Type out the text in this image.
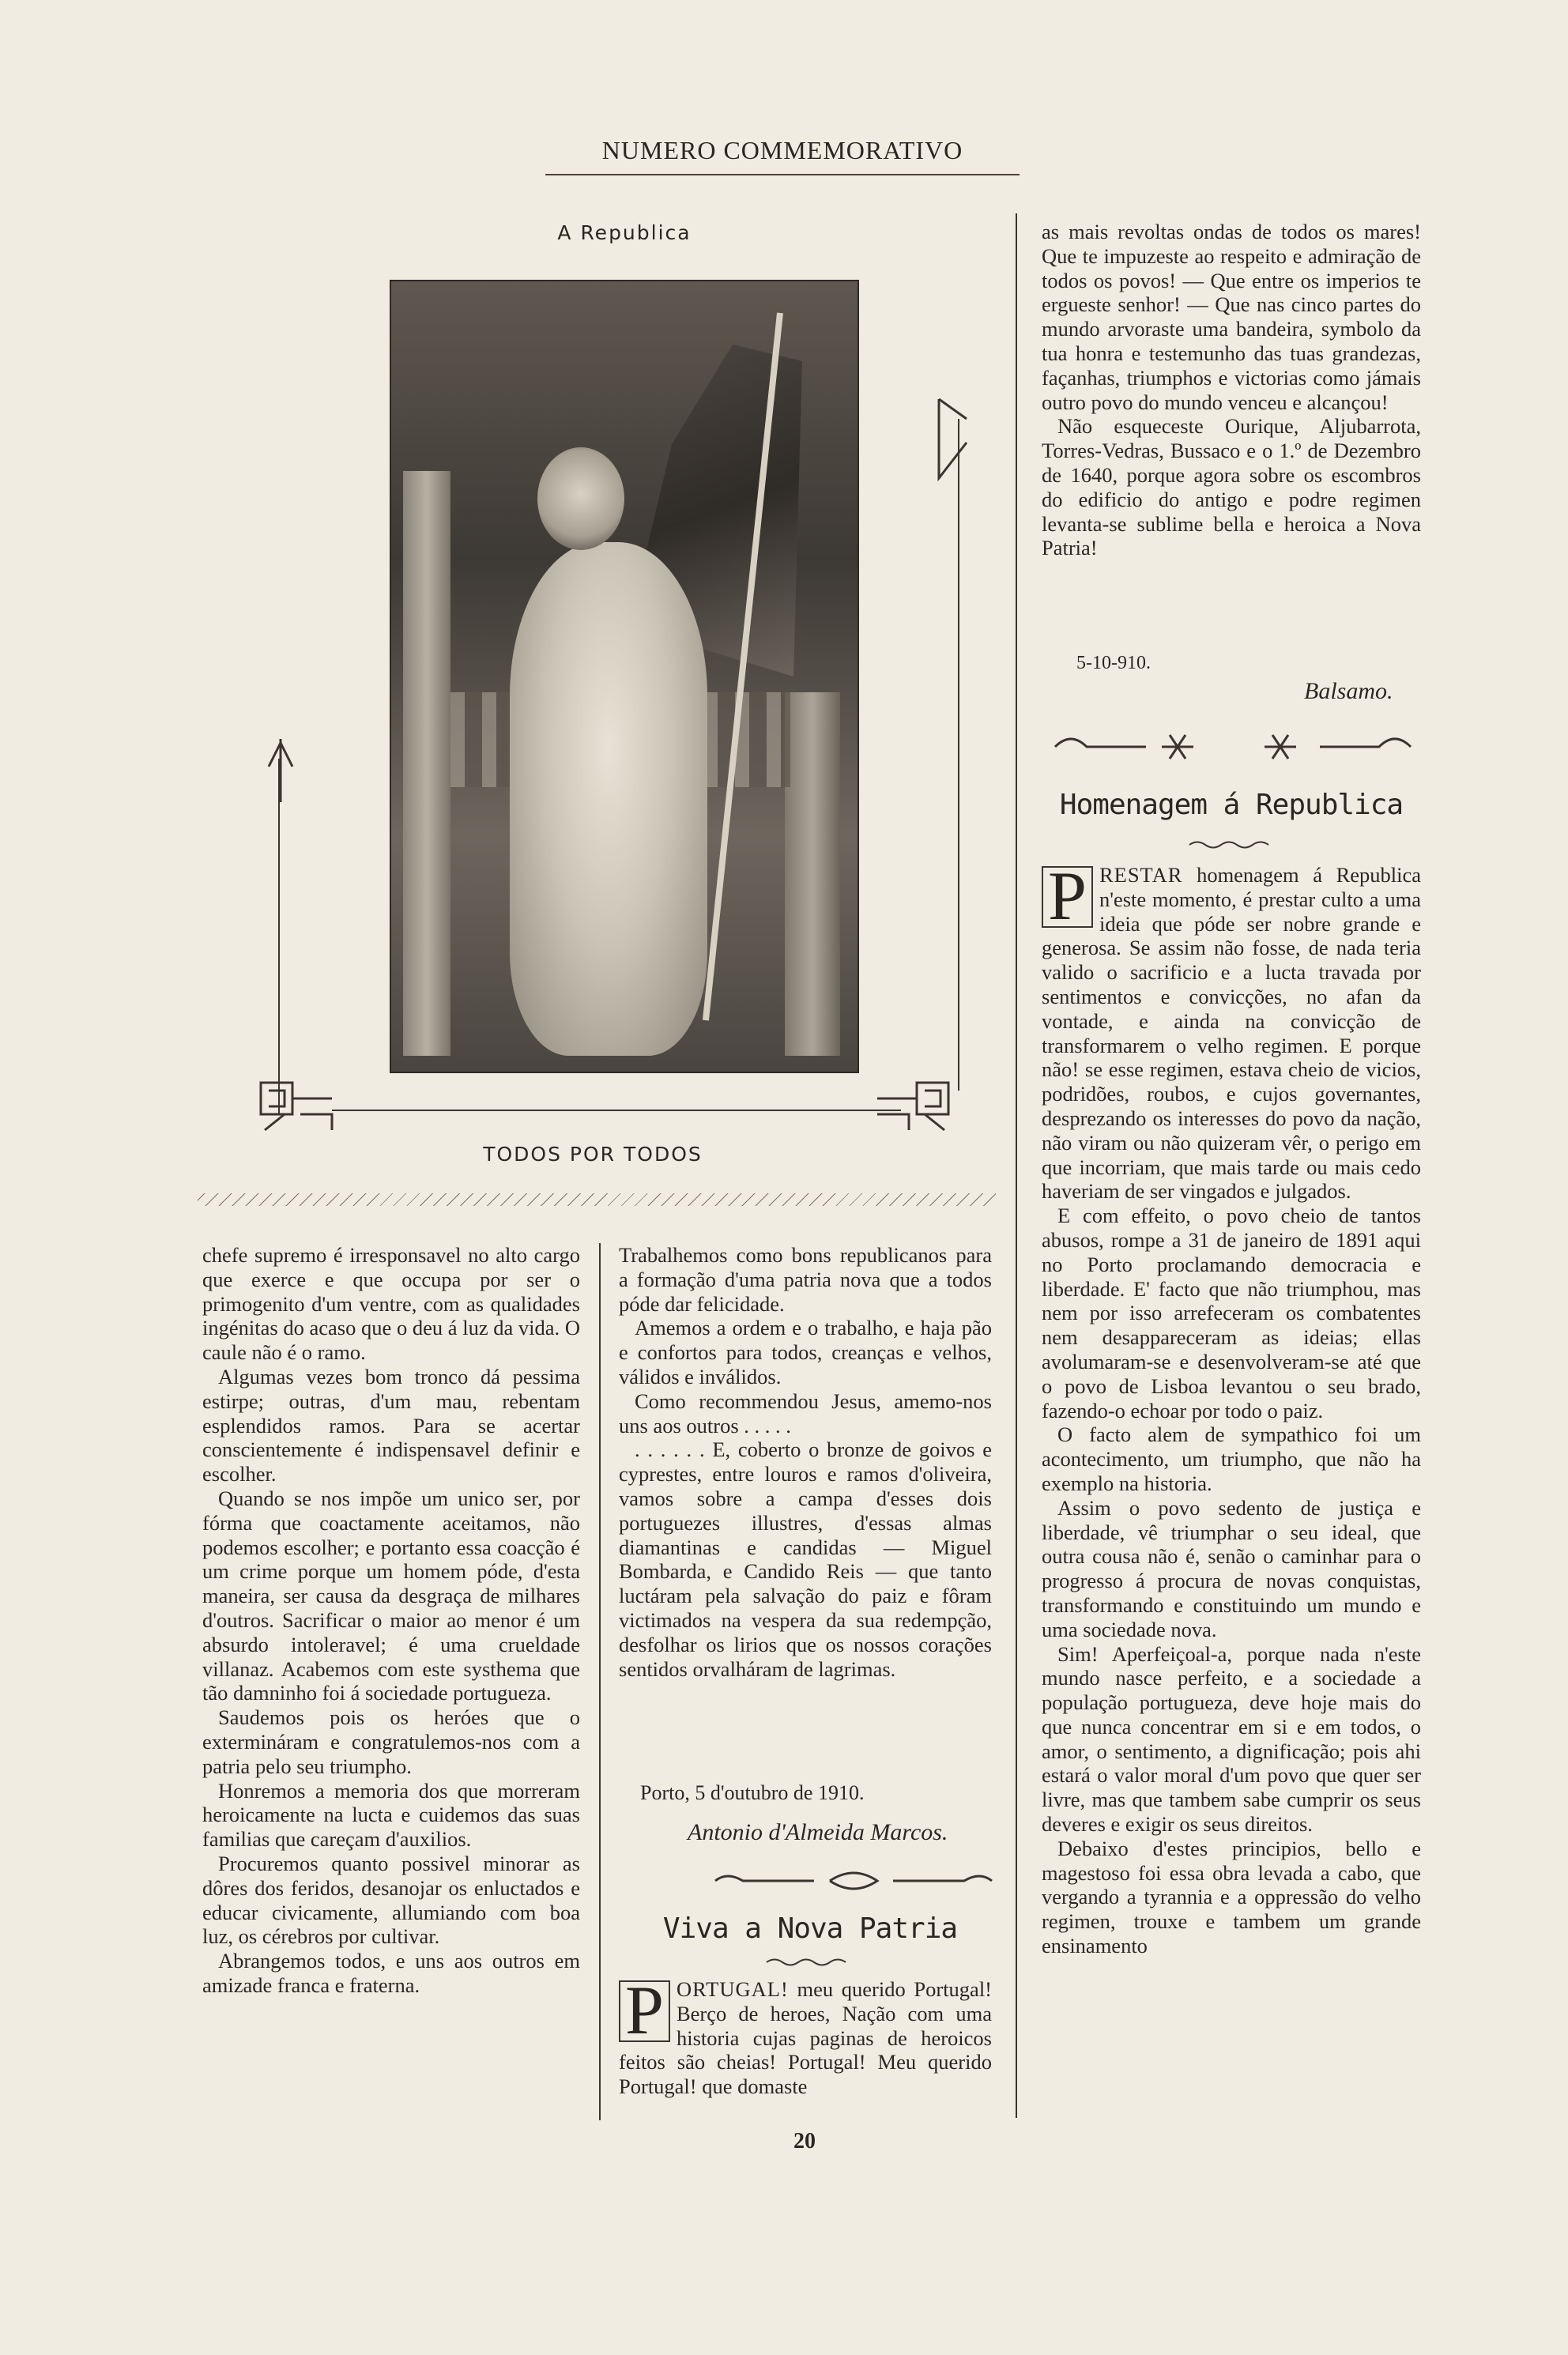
NUMERO COMMEMORATIVO
A Republica
TODOS POR TODOS

chefe supremo é irresponsavel no alto cargo que exerce e que occupa por ser o primogenito d'um ventre, com as qualidades ingénitas do acaso que o deu á luz da vida. O caule não é o ramo.

Algumas vezes bom tronco dá pessima estirpe; outras, d'um mau, rebentam esplendidos ramos. Para se acertar conscientemente é indispensavel definir e escolher.

Quando se nos impõe um unico ser, por fórma que coactamente aceitamos, não podemos escolher; e portanto essa coacção é um crime porque um homem póde, d'esta maneira, ser causa da desgraça de milhares d'outros. Sacrificar o maior ao menor é um absurdo intoleravel; é uma crueldade villanaz. Acabemos com este systhema que tão damninho foi á sociedade portugueza.

Saudemos pois os heróes que o extermináram e congratulemos-nos com a patria pelo seu triumpho.

Honremos a memoria dos que morreram heroicamente na lucta e cuidemos das suas familias que careçam d'auxilios.

Procuremos quanto possivel minorar as dôres dos feridos, desanojar os enluctados e educar civicamente, allumiando com boa luz, os cérebros por cultivar.

Abrangemos todos, e uns aos outros em amizade franca e fraterna.

Trabalhemos como bons republicanos para a formação d'uma patria nova que a todos póde dar felicidade.

Amemos a ordem e o trabalho, e haja pão e confortos para todos, creanças e velhos, válidos e inválidos.

Como recommendou Jesus, amemo-nos uns aos outros . . . . .

. . . . . . E, coberto o bronze de goivos e cyprestes, entre louros e ramos d'oliveira, vamos sobre a campa d'esses dois portuguezes illustres, d'essas almas diamantinas e candidas — Miguel Bombarda, e Candido Reis — que tanto luctáram pela salvação do paiz e fôram victimados na vespera da sua redempção, desfolhar os lirios que os nossos corações sentidos orvalháram de lagrimas.

Porto, 5 d'outubro de 1910.
Antonio d'Almeida Marcos.
Viva a Nova Patria

P ORTUGAL! meu querido Portugal! Berço de heroes, Nação com uma historia cujas paginas de heroicos feitos são cheias! Portugal! Meu querido Portugal! que domaste

as mais revoltas ondas de todos os mares! Que te impuzeste ao respeito e admiração de todos os povos! — Que entre os imperios te ergueste senhor! — Que nas cinco partes do mundo arvoraste uma bandeira, symbolo da tua honra e testemunho das tuas grandezas, façanhas, triumphos e victorias como jámais outro povo do mundo venceu e alcançou!

Não esqueceste Ourique, Aljubarrota, Torres-Vedras, Bussaco e o 1.º de Dezembro de 1640, porque agora sobre os escombros do edificio do antigo e podre regimen levanta-se sublime bella e heroica a Nova Patria!

5-10-910.
Balsamo.
Homenagem á Republica

P RESTAR homenagem á Republica n'este momento, é prestar culto a uma ideia que póde ser nobre grande e generosa. Se assim não fosse, de nada teria valido o sacrificio e a lucta travada por sentimentos e convicções, no afan da vontade, e ainda na convicção de transformarem o velho regimen. E porque não! se esse regimen, estava cheio de vicios, podridões, roubos, e cujos governantes, desprezando os interesses do povo da nação, não viram ou não quizeram vêr, o perigo em que incorriam, que mais tarde ou mais cedo haveriam de ser vingados e julgados.

E com effeito, o povo cheio de tantos abusos, rompe a 31 de janeiro de 1891 aqui no Porto proclamando democracia e liberdade. E' facto que não triumphou, mas nem por isso arrefeceram os combatentes nem desappareceram as ideias; ellas avolumaram-se e desenvolveram-se até que o povo de Lisboa levantou o seu brado, fazendo-o echoar por todo o paiz.

O facto alem de sympathico foi um acontecimento, um triumpho, que não ha exemplo na historia.

Assim o povo sedento de justiça e liberdade, vê triumphar o seu ideal, que outra cousa não é, senão o caminhar para o progresso á procura de novas conquistas, transformando e constituindo um mundo e uma sociedade nova.

Sim! Aperfeiçoal-a, porque nada n'este mundo nasce perfeito, e a sociedade a população portugueza, deve hoje mais do que nunca concentrar em si e em todos, o amor, o sentimento, a dignificação; pois ahi estará o valor moral d'um povo que quer ser livre, mas que tambem sabe cumprir os seus deveres e exigir os seus direitos.

Debaixo d'estes principios, bello e magestoso foi essa obra levada a cabo, que vergando a tyrannia e a oppressão do velho regimen, trouxe e tambem um grande ensinamento

20
